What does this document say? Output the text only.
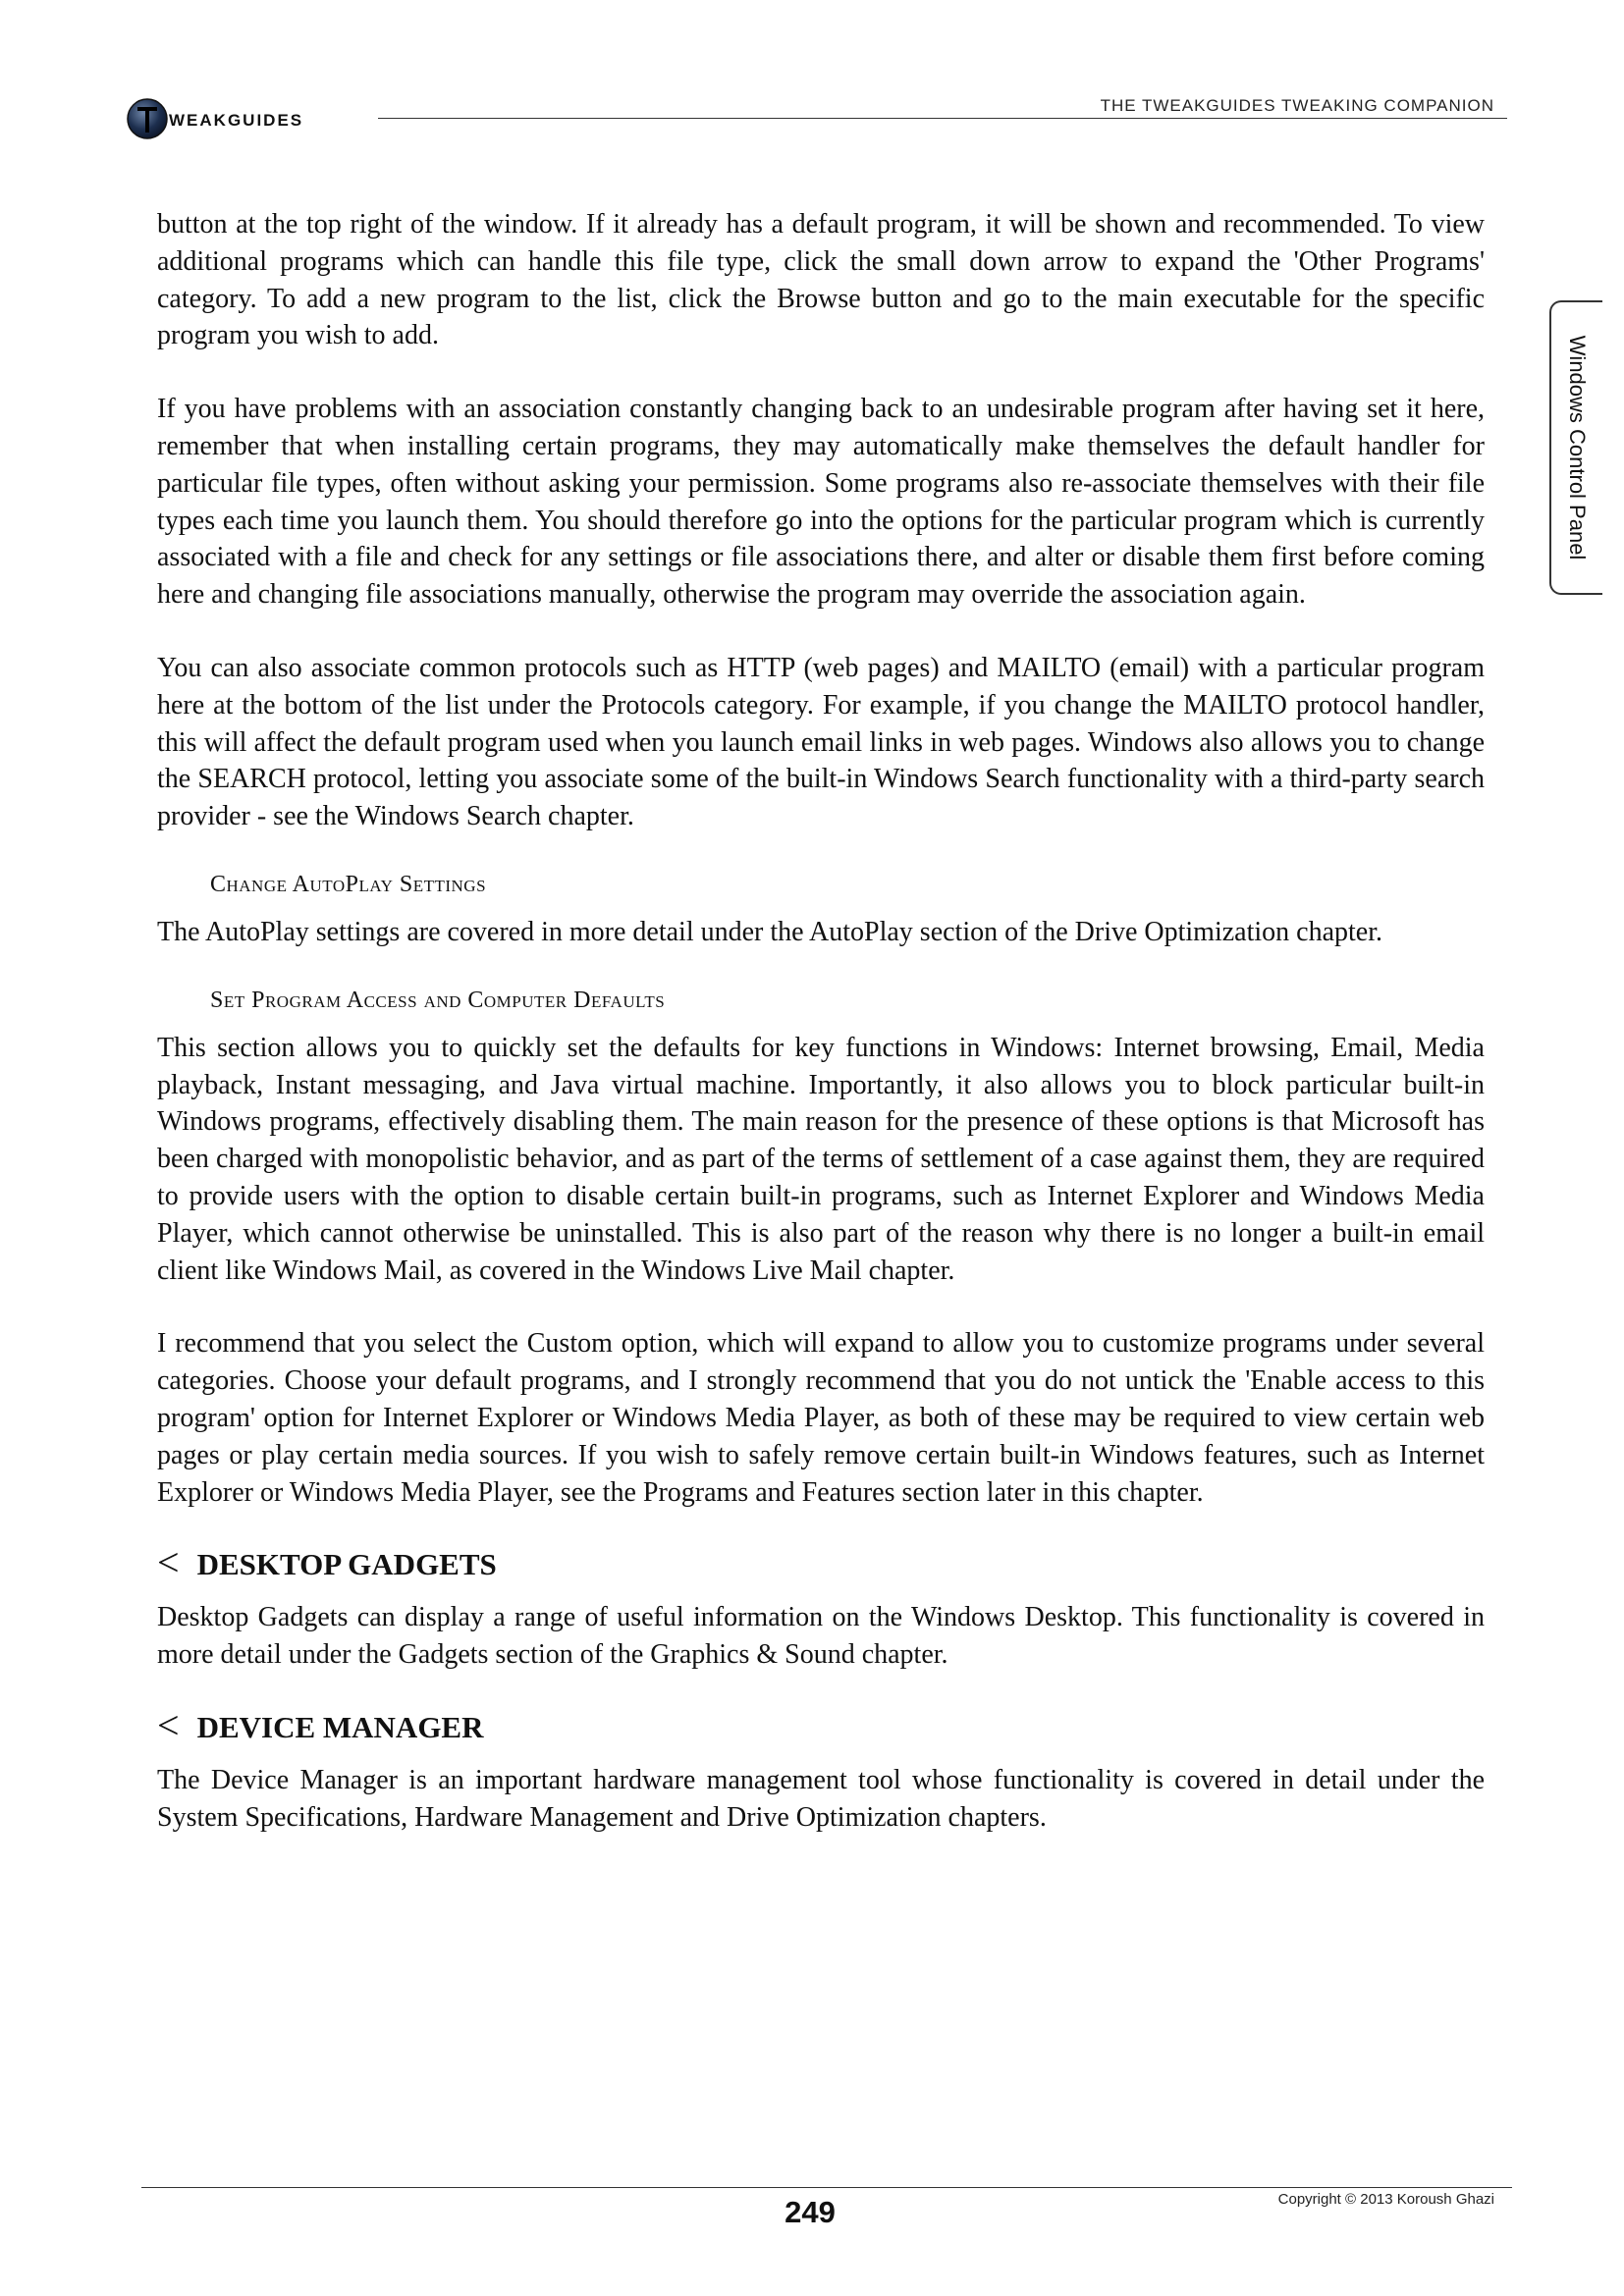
WEAKGUIDES
THE TWEAKGUIDES TWEAKING COMPANION
Windows Control Panel

button at the top right of the window. If it already has a default program, it will be shown and recommended. To view additional programs which can handle this file type, click the small down arrow to expand the 'Other Programs' category. To add a new program to the list, click the Browse button and go to the main executable for the specific program you wish to add.

If you have problems with an association constantly changing back to an undesirable program after having set it here, remember that when installing certain programs, they may automatically make themselves the default handler for particular file types, often without asking your permission. Some programs also re-associate themselves with their file types each time you launch them. You should therefore go into the options for the particular program which is currently associated with a file and check for any settings or file associations there, and alter or disable them first before coming here and changing file associations manually, otherwise the program may override the association again.

You can also associate common protocols such as HTTP (web pages) and MAILTO (email) with a particular program here at the bottom of the list under the Protocols category. For example, if you change the MAILTO protocol handler, this will affect the default program used when you launch email links in web pages. Windows also allows you to change the SEARCH protocol, letting you associate some of the built-in Windows Search functionality with a third-party search provider - see the Windows Search chapter.

Change AutoPlay Settings

The AutoPlay settings are covered in more detail under the AutoPlay section of the Drive Optimization chapter.

Set Program Access and Computer Defaults

This section allows you to quickly set the defaults for key functions in Windows: Internet browsing, Email, Media playback, Instant messaging, and Java virtual machine. Importantly, it also allows you to block particular built-in Windows programs, effectively disabling them. The main reason for the presence of these options is that Microsoft has been charged with monopolistic behavior, and as part of the terms of settlement of a case against them, they are required to provide users with the option to disable certain built-in programs, such as Internet Explorer and Windows Media Player, which cannot otherwise be uninstalled. This is also part of the reason why there is no longer a built-in email client like Windows Mail, as covered in the Windows Live Mail chapter.

I recommend that you select the Custom option, which will expand to allow you to customize programs under several categories. Choose your default programs, and I strongly recommend that you do not untick the 'Enable access to this program' option for Internet Explorer or Windows Media Player, as both of these may be required to view certain web pages or play certain media sources. If you wish to safely remove certain built-in Windows features, such as Internet Explorer or Windows Media Player, see the Programs and Features section later in this chapter.

< DESKTOP GADGETS

Desktop Gadgets can display a range of useful information on the Windows Desktop. This functionality is covered in more detail under the Gadgets section of the Graphics & Sound chapter.

< DEVICE MANAGER

The Device Manager is an important hardware management tool whose functionality is covered in detail under the System Specifications, Hardware Management and Drive Optimization chapters.

249	Copyright © 2013 Koroush Ghazi
